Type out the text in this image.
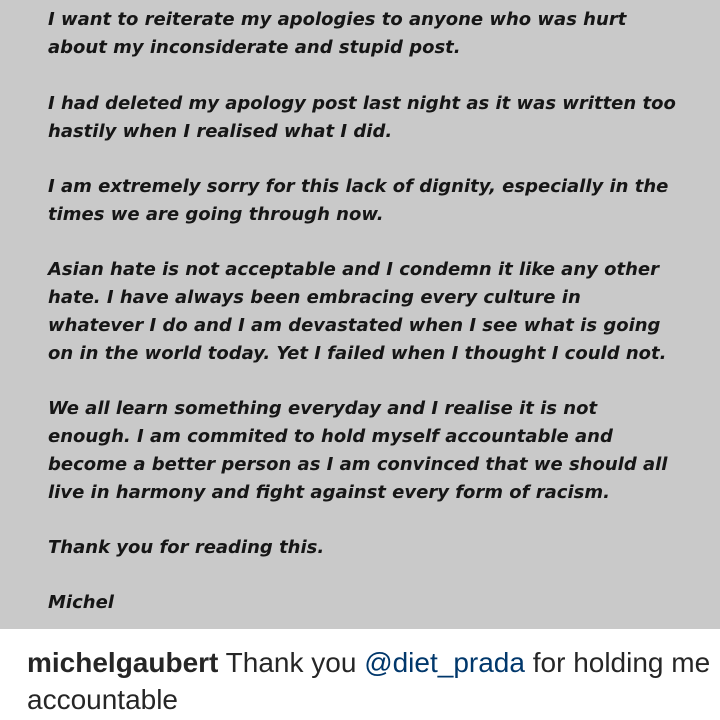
I want to reiterate my apologies to anyone who was hurt
about my inconsiderate and stupid post.

I had deleted my apology post last night as it was written too
hastily when I realised what I did.

I am extremely sorry for this lack of dignity, especially in the
times we are going through now.

Asian hate is not acceptable and I condemn it like any other
hate. I have always been embracing every culture in
whatever I do and I am devastated when I see what is going
on in the world today. Yet I failed when I thought I could not.

We all learn something everyday and I realise it is not
enough. I am commited to hold myself accountable and
become a better person as I am convinced that we should all
live in harmony and fight against every form of racism.

Thank you for reading this.

Michel

michelgaubert Thank you @diet_prada for holding me accountable
